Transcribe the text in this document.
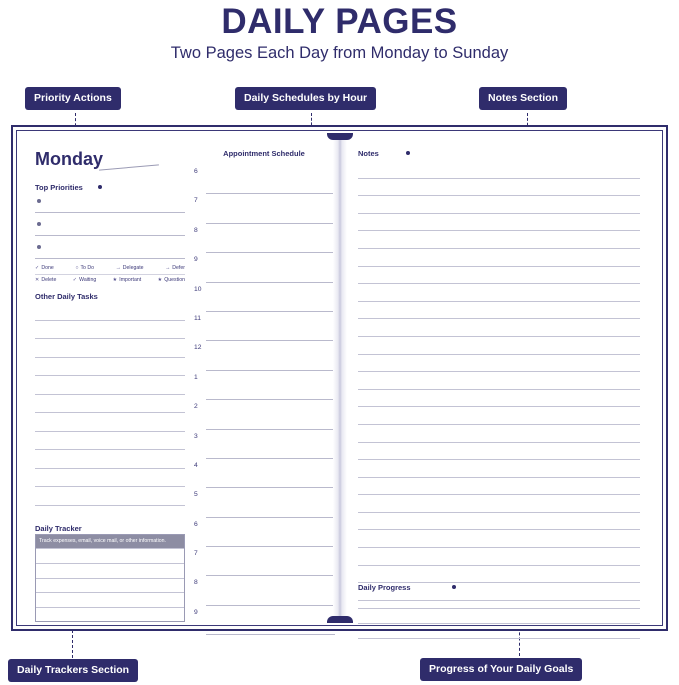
DAILY PAGES
Two Pages Each Day from Monday to Sunday
Priority Actions	Daily Schedules by Hour	Notes Section
Daily Trackers Section	Progress of Your Daily Goals
Monday
Top Priorities
✓ Done	○ To Do	→ Delegate	→ Defer
✕ Delete	✓ Waiting	★ Important	★ Question
Other Daily Tasks
Daily Tracker
Track expenses, email, voice mail, or other information.
Appointment Schedule
6
7
8
9
10
11
12
1
2
3
4
5
6
7
8
9
Notes
Daily Progress
